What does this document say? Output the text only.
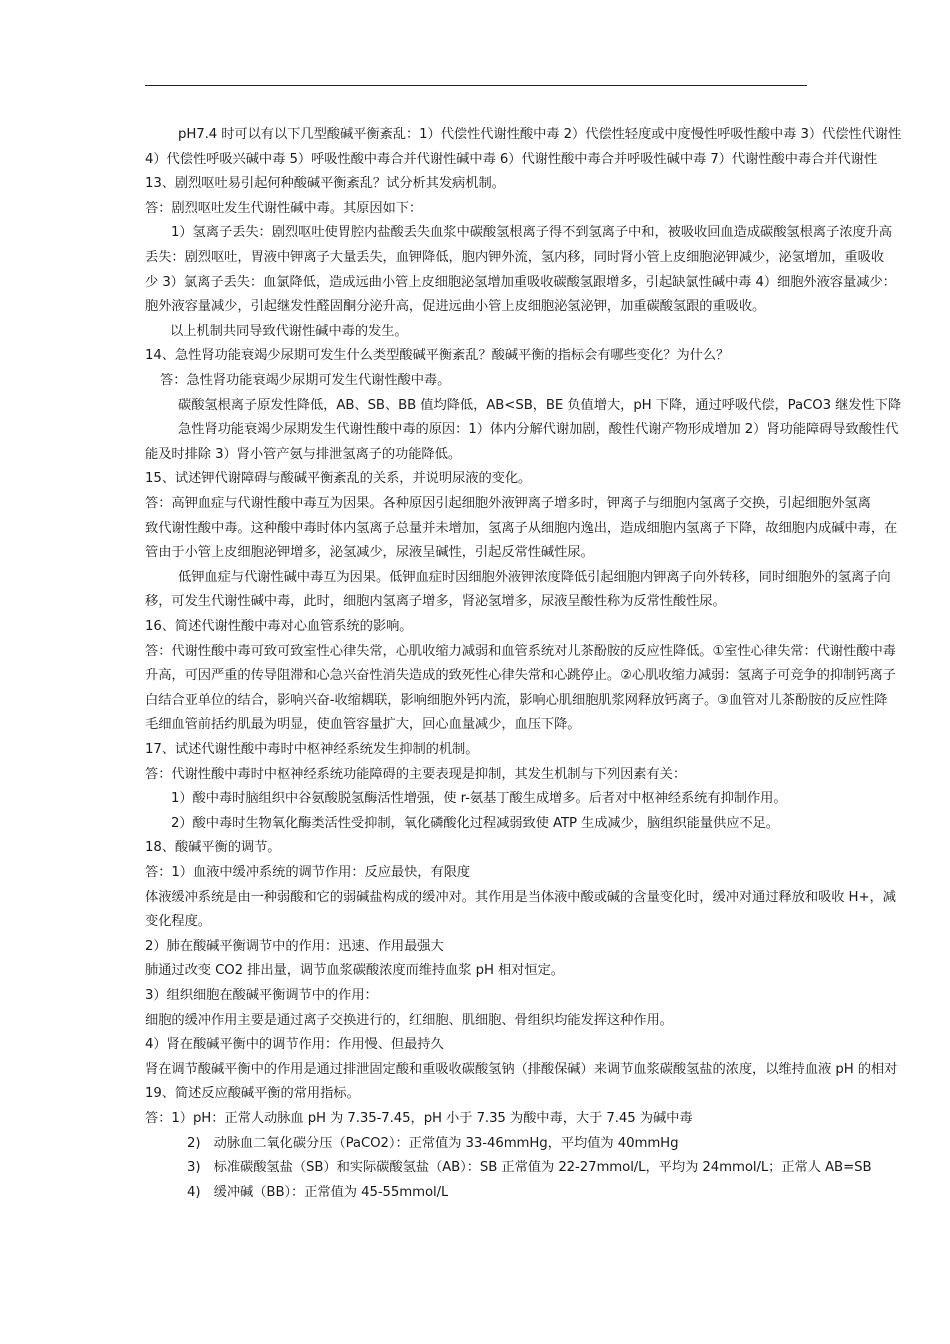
pH7.4 时可以有以下几型酸碱平衡紊乱：1）代偿性代谢性酸中毒 2）代偿性轻度或中度慢性呼吸性酸中毒 3）代偿性代谢性
4）代偿性呼吸兴碱中毒 5）呼吸性酸中毒合并代谢性碱中毒 6）代谢性酸中毒合并呼吸性碱中毒 7）代谢性酸中毒合并代谢性
13、剧烈呕吐易引起何种酸碱平衡紊乱？试分析其发病机制。
答：剧烈呕吐发生代谢性碱中毒。其原因如下：
1）氢离子丢失：剧烈呕吐使胃腔内盐酸丢失血浆中碳酸氢根离子得不到氢离子中和，被吸收回血造成碳酸氢根离子浓度升高
丢失：剧烈呕吐，胃液中钾离子大量丢失，血钾降低，胞内钾外流，氢内移，同时肾小管上皮细胞泌钾减少，泌氢增加，重吸收
少 3）氯离子丢失：血氯降低，造成远曲小管上皮细胞泌氢增加重吸收碳酸氢跟增多，引起缺氯性碱中毒 4）细胞外液容量减少：
胞外液容量减少，引起继发性醛固酮分泌升高，促进远曲小管上皮细胞泌氢泌钾，加重碳酸氢跟的重吸收。
以上机制共同导致代谢性碱中毒的发生。
14、急性肾功能衰竭少尿期可发生什么类型酸碱平衡紊乱？酸碱平衡的指标会有哪些变化？为什么？
答：急性肾功能衰竭少尿期可发生代谢性酸中毒。
碳酸氢根离子原发性降低，AB、SB、BB 值均降低，AB<SB，BE 负值增大，pH 下降，通过呼吸代偿，PaCO3 继发性下降
急性肾功能衰竭少尿期发生代谢性酸中毒的原因：1）体内分解代谢加剧，酸性代谢产物形成增加 2）肾功能障碍导致酸性代
能及时排除 3）肾小管产氨与排泄氢离子的功能降低。
15、试述钾代谢障碍与酸碱平衡紊乱的关系，并说明尿液的变化。
答：高钾血症与代谢性酸中毒互为因果。各种原因引起细胞外液钾离子增多时，钾离子与细胞内氢离子交换，引起细胞外氢离
致代谢性酸中毒。这种酸中毒时体内氢离子总量并未增加，氢离子从细胞内逸出，造成细胞内氢离子下降，故细胞内成碱中毒，在
管由于小管上皮细胞泌钾增多，泌氢减少，尿液呈碱性，引起反常性碱性尿。
低钾血症与代谢性碱中毒互为因果。低钾血症时因细胞外液钾浓度降低引起细胞内钾离子向外转移，同时细胞外的氢离子向
移，可发生代谢性碱中毒，此时，细胞内氢离子增多，肾泌氢增多，尿液呈酸性称为反常性酸性尿。
16、简述代谢性酸中毒对心血管系统的影响。
答：代谢性酸中毒可致可致室性心律失常，心肌收缩力减弱和血管系统对儿茶酚胺的反应性降低。①室性心律失常：代谢性酸中毒
升高，可因严重的传导阻滞和心急兴奋性消失造成的致死性心律失常和心跳停止。②心肌收缩力减弱：氢离子可竞争的抑制钙离子
白结合亚单位的结合，影响兴奋-收缩耦联，影响细胞外钙内流，影响心肌细胞肌浆网释放钙离子。③血管对儿茶酚胺的反应性降
毛细血管前括约肌最为明显，使血管容量扩大，回心血量减少，血压下降。
17、试述代谢性酸中毒时中枢神经系统发生抑制的机制。
答：代谢性酸中毒时中枢神经系统功能障碍的主要表现是抑制，其发生机制与下列因素有关：
1）酸中毒时脑组织中谷氨酸脱氢酶活性增强，使 r-氨基丁酸生成增多。后者对中枢神经系统有抑制作用。
2）酸中毒时生物氧化酶类活性受抑制，氧化磷酸化过程减弱致使 ATP 生成减少，脑组织能量供应不足。
18、酸碱平衡的调节。
答：1）血液中缓冲系统的调节作用：反应最快，有限度
体液缓冲系统是由一种弱酸和它的弱碱盐构成的缓冲对。其作用是当体液中酸或碱的含量变化时，缓冲对通过释放和吸收 H+，减
变化程度。
2）肺在酸碱平衡调节中的作用：迅速、作用最强大
肺通过改变 CO2 排出量，调节血浆碳酸浓度而维持血浆 pH 相对恒定。
3）组织细胞在酸碱平衡调节中的作用：
细胞的缓冲作用主要是通过离子交换进行的，红细胞、肌细胞、骨组织均能发挥这种作用。
4）肾在酸碱平衡中的调节作用：作用慢、但最持久
肾在调节酸碱平衡中的作用是通过排泄固定酸和重吸收碳酸氢钠（排酸保碱）来调节血浆碳酸氢盐的浓度，以维持血液 pH 的相对
19、简述反应酸碱平衡的常用指标。
答：1）pH：正常人动脉血 pH 为 7.35-7.45，pH 小于 7.35 为酸中毒，大于 7.45 为碱中毒
2)　动脉血二氧化碳分压（PaCO2）：正常值为 33-46mmHg，平均值为 40mmHg
3)　标准碳酸氢盐（SB）和实际碳酸氢盐（AB）：SB 正常值为 22-27mmol/L，平均为 24mmol/L；正常人 AB=SB
4)　缓冲碱（BB）：正常值为 45-55mmol/L
